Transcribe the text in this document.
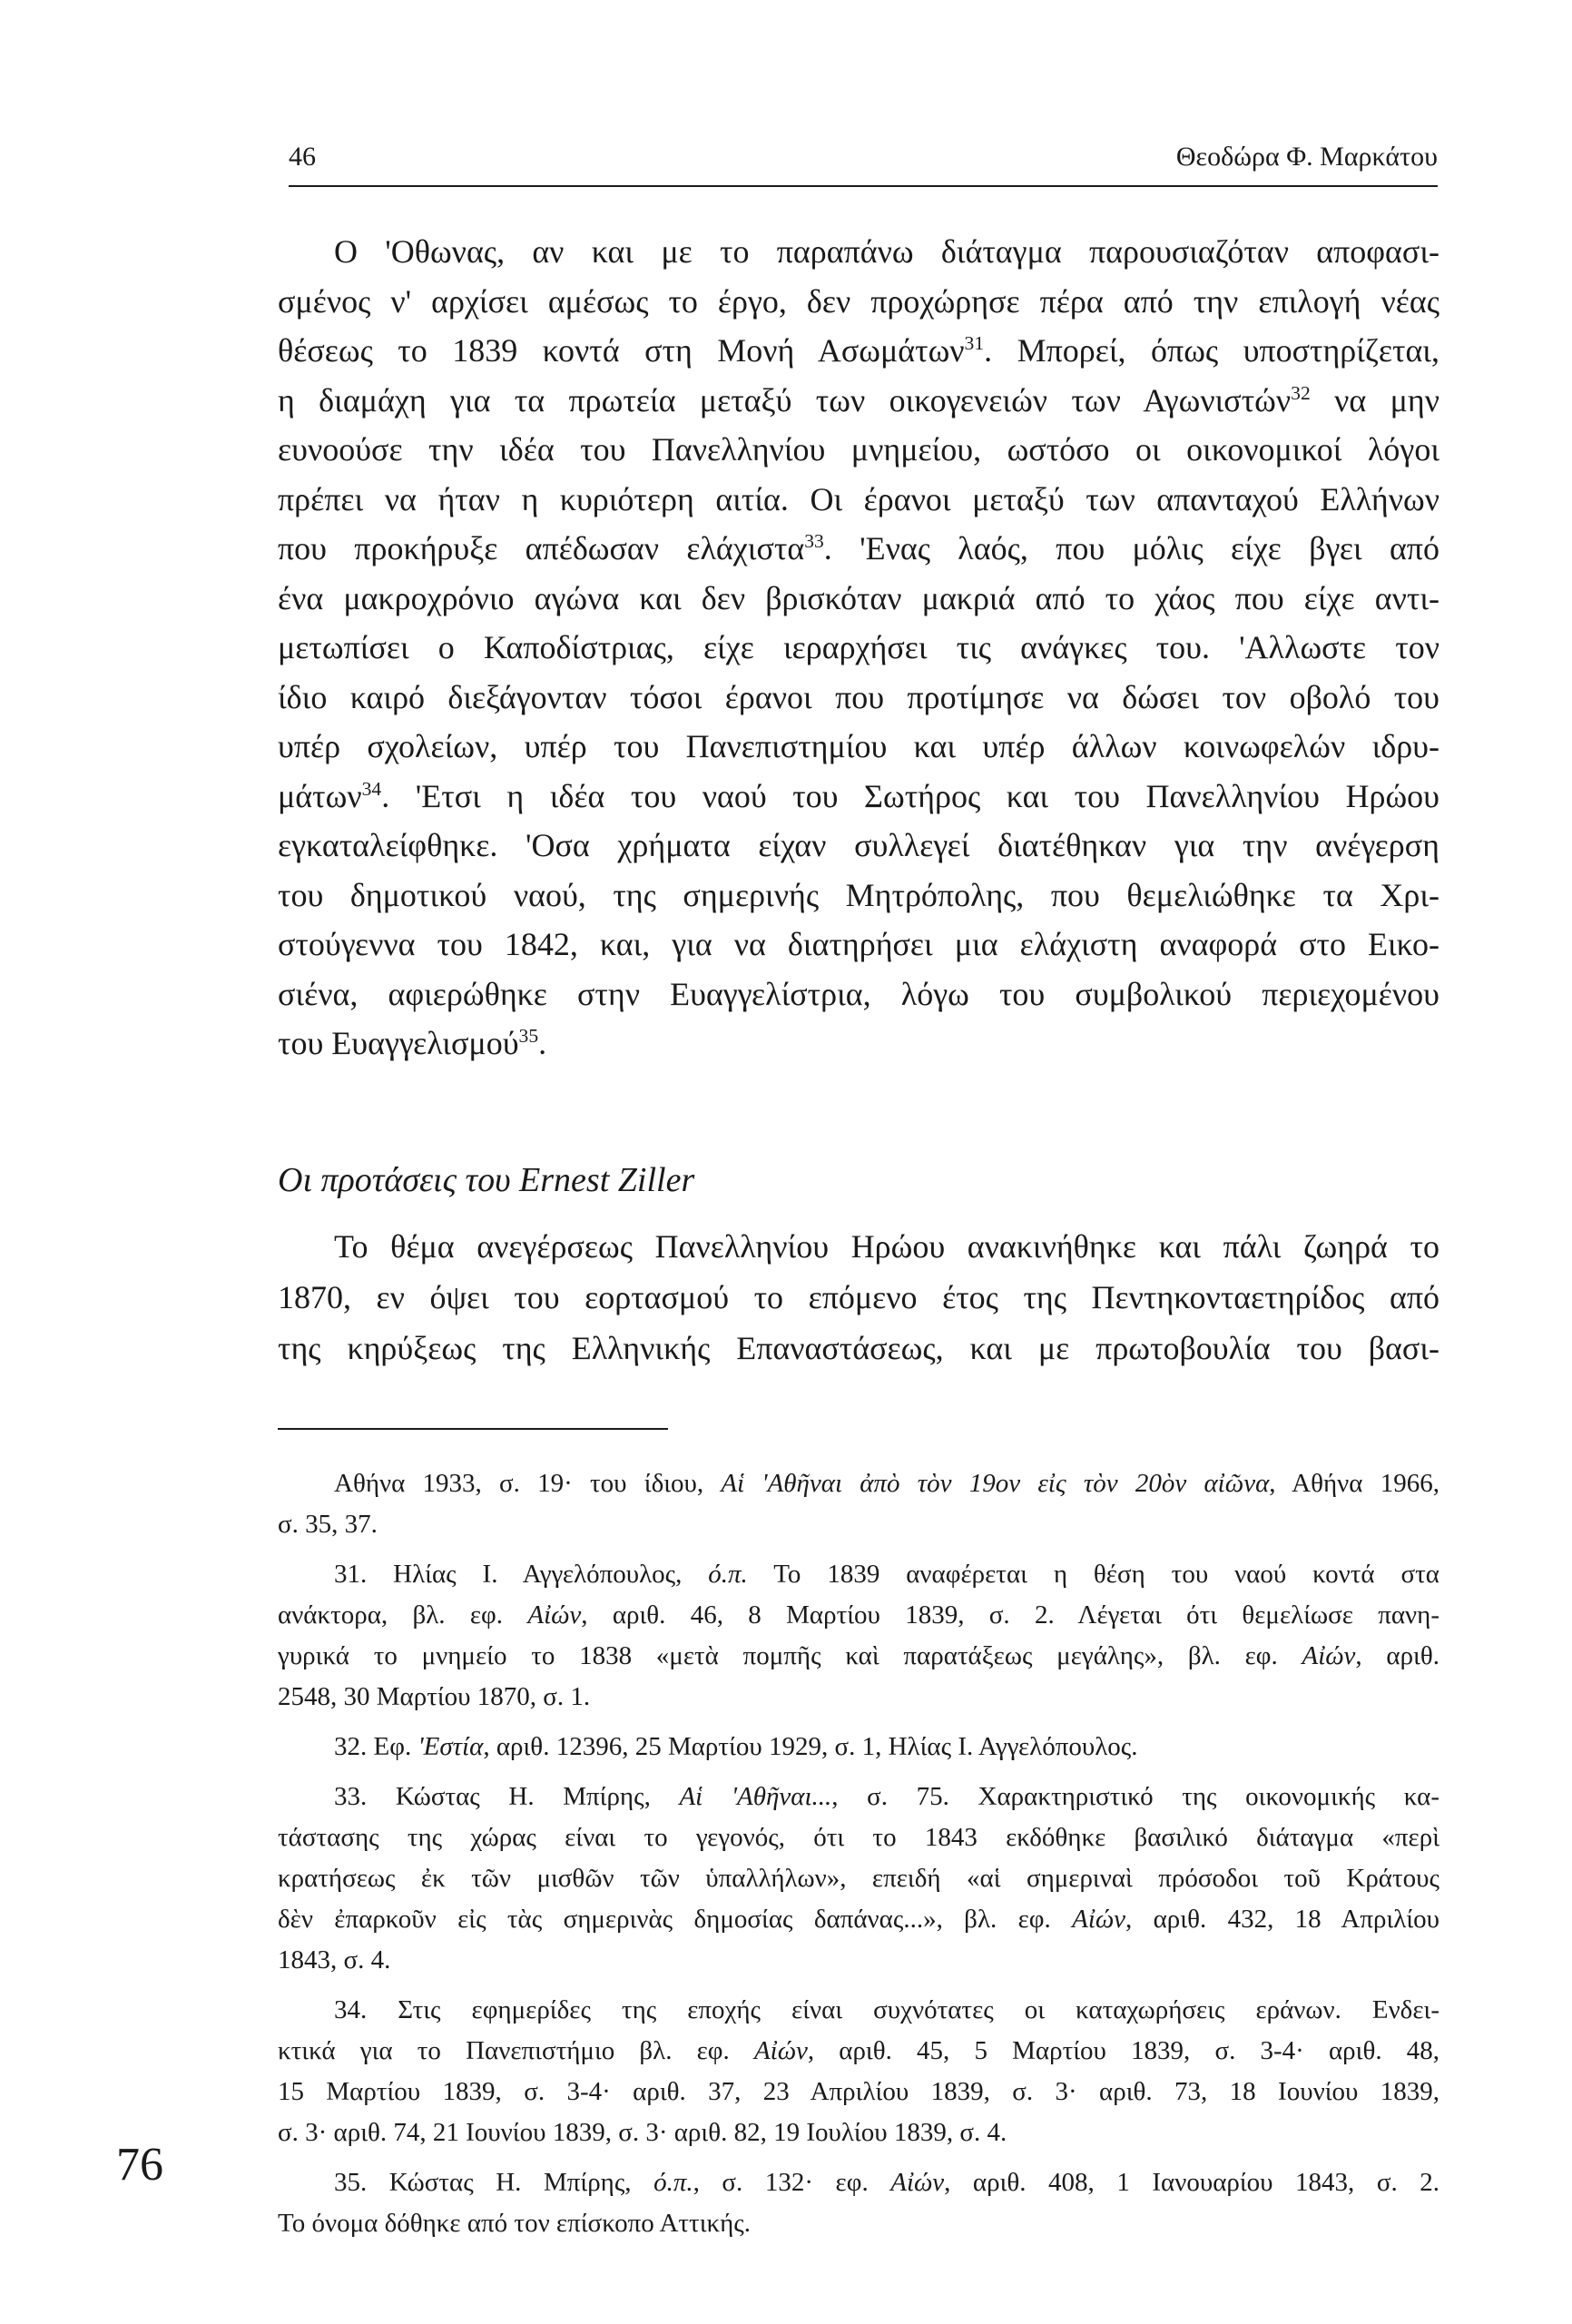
46	Θεοδώρα Φ. Μαρκάτου
Ο 'Οθωνας, αν και με το παραπάνω διάταγμα παρουσιαζόταν αποφασι-
σμένος ν' αρχίσει αμέσως το έργο, δεν προχώρησε πέρα από την επιλογή νέας
θέσεως το 1839 κοντά στη Μονή Ασωμάτων$^{31}$. Μπορεί, όπως υποστηρίζεται,
η διαμάχη για τα πρωτεία μεταξύ των οικογενειών των Αγωνιστών$^{32}$ να μην
ευνοούσε την ιδέα του Πανελληνίου μνημείου, ωστόσο οι οικονομικοί λόγοι
πρέπει να ήταν η κυριότερη αιτία. Οι έρανοι μεταξύ των απανταχού Ελλήνων
που προκήρυξε απέδωσαν ελάχιστα$^{33}$. 'Ενας λαός, που μόλις είχε βγει από
ένα μακροχρόνιο αγώνα και δεν βρισκόταν μακριά από το χάος που είχε αντι-
μετωπίσει ο Καποδίστριας, είχε ιεραρχήσει τις ανάγκες του. 'Αλλωστε τον
ίδιο καιρό διεξάγονταν τόσοι έρανοι που προτίμησε να δώσει τον οβολό του
υπέρ σχολείων, υπέρ του Πανεπιστημίου και υπέρ άλλων κοινωφελών ιδρυ-
μάτων$^{34}$. 'Ετσι η ιδέα του ναού του Σωτήρος και του Πανελληνίου Ηρώου
εγκαταλείφθηκε. 'Οσα χρήματα είχαν συλλεγεί διατέθηκαν για την ανέγερση
του δημοτικού ναού, της σημερινής Μητρόπολης, που θεμελιώθηκε τα Χρι-
στούγεννα του 1842, και, για να διατηρήσει μια ελάχιστη αναφορά στο Εικο-
σιένα, αφιερώθηκε στην Ευαγγελίστρια, λόγω του συμβολικού περιεχομένου
του Ευαγγελισμού$^{35}$.
Οι προτάσεις του Ernest Ziller
Το θέμα ανεγέρσεως Πανελληνίου Ηρώου ανακινήθηκε και πάλι ζωηρά το
1870, εν όψει του εορτασμού το επόμενο έτος της Πεντηκονταετηρίδος από
της κηρύξεως της Ελληνικής Επαναστάσεως, και με πρωτοβουλία του βασι-
Αθήνα 1933, σ. 19· του ίδιου, Αἱ 'Αθῆναι ἀπὸ τὸν 19ον εἰς τὸν 20ὸν αἰῶνα, Αθήνα 1966,
σ. 35, 37.
31. Ηλίας Ι. Αγγελόπουλος, ό.π. Το 1839 αναφέρεται η θέση του ναού κοντά στα
ανάκτορα, βλ. εφ. Αἰών, αριθ. 46, 8 Μαρτίου 1839, σ. 2. Λέγεται ότι θεμελίωσε πανη-
γυρικά το μνημείο το 1838 «μετὰ πομπῆς καὶ παρατάξεως μεγάλης», βλ. εφ. Αἰών, αριθ.
2548, 30 Μαρτίου 1870, σ. 1.
32. Εφ. 'Εστία, αριθ. 12396, 25 Μαρτίου 1929, σ. 1, Ηλίας Ι. Αγγελόπουλος.
33. Κώστας Η. Μπίρης, Αἱ 'Αθῆναι..., σ. 75. Χαρακτηριστικό της οικονομικής κα-
τάστασης της χώρας είναι το γεγονός, ότι το 1843 εκδόθηκε βασιλικό διάταγμα «περὶ
κρατήσεως ἐκ τῶν μισθῶν τῶν ὑπαλλήλων», επειδή «αἱ σημεριναὶ πρόσοδοι τοῦ Κράτους
δὲν ἐπαρκοῦν εἰς τὰς σημερινὰς δημοσίας δαπάνας...», βλ. εφ. Αἰών, αριθ. 432, 18 Απριλίου
1843, σ. 4.
34. Στις εφημερίδες της εποχής είναι συχνότατες οι καταχωρήσεις εράνων. Ενδει-
κτικά για το Πανεπιστήμιο βλ. εφ. Αἰών, αριθ. 45, 5 Μαρτίου 1839, σ. 3-4· αριθ. 48,
15 Μαρτίου 1839, σ. 3-4· αριθ. 37, 23 Απριλίου 1839, σ. 3· αριθ. 73, 18 Ιουνίου 1839,
σ. 3· αριθ. 74, 21 Ιουνίου 1839, σ. 3· αριθ. 82, 19 Ιουλίου 1839, σ. 4.
35. Κώστας Η. Μπίρης, ό.π., σ. 132· εφ. Αἰών, αριθ. 408, 1 Ιανουαρίου 1843, σ. 2.
Το όνομα δόθηκε από τον επίσκοπο Αττικής.
76
